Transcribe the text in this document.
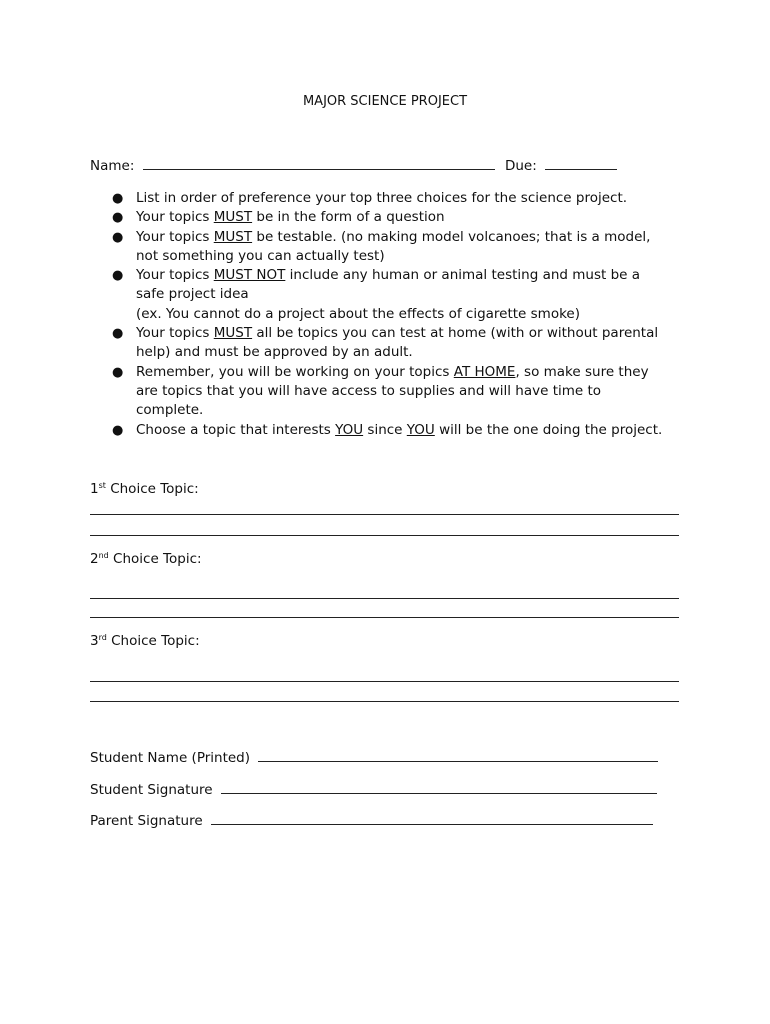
MAJOR SCIENCE PROJECT
Name:	Due:
● List in order of preference your top three choices for the science project.
● Your topics MUST be in the form of a question
● Your topics MUST be testable. (no making model volcanoes; that is a model,
not something you can actually test)
● Your topics MUST NOT include any human or animal testing and must be a
safe project idea
(ex. You cannot do a project about the effects of cigarette smoke)
● Your topics MUST all be topics you can test at home (with or without parental
help) and must be approved by an adult.
● Remember, you will be working on your topics AT HOME, so make sure they
are topics that you will have access to supplies and will have time to
complete.
● Choose a topic that interests YOU since YOU will be the one doing the project.
1st Choice Topic:
2nd Choice Topic:
3rd Choice Topic:
Student Name (Printed)
Student Signature
Parent Signature
